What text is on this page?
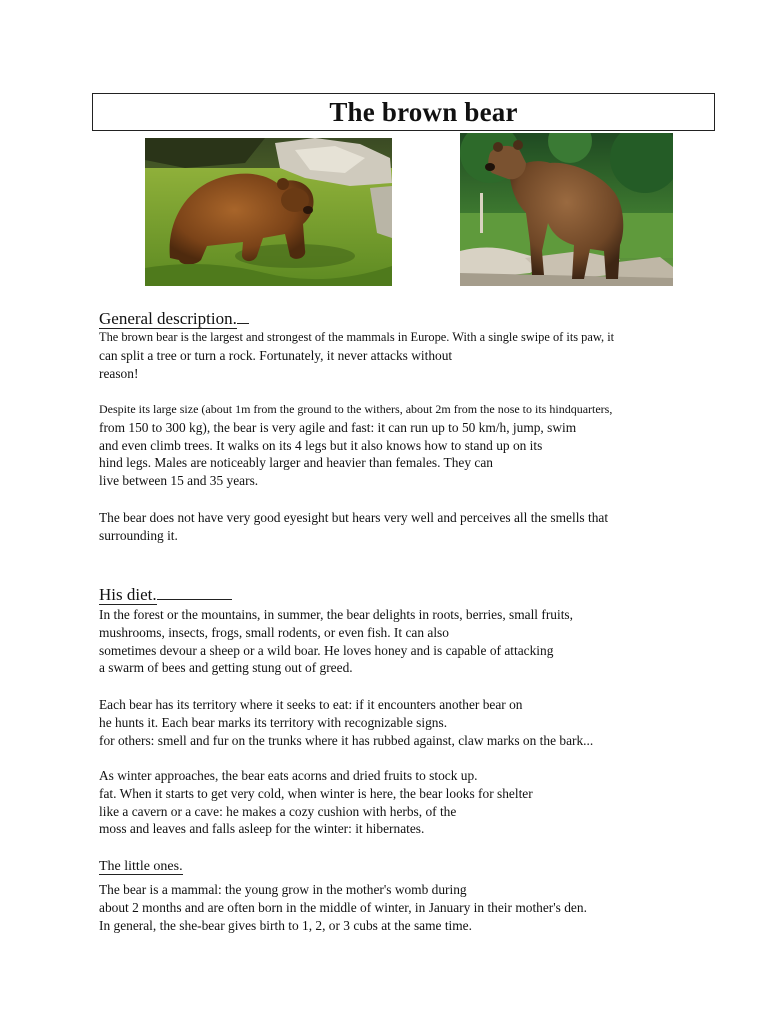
The brown bear

General description.

The brown bear is the largest and strongest of the mammals in Europe. With a single swipe of its paw, it
can split a tree or turn a rock. Fortunately, it never attacks without
reason!

Despite its large size (about 1m from the ground to the withers, about 2m from the nose to its hindquarters,
from 150 to 300 kg), the bear is very agile and fast: it can run up to 50 km/h, jump, swim
and even climb trees. It walks on its 4 legs but it also knows how to stand up on its
hind legs. Males are noticeably larger and heavier than females. They can
live between 15 and 35 years.

The bear does not have very good eyesight but hears very well and perceives all the smells that
surrounding it.

His diet.

In the forest or the mountains, in summer, the bear delights in roots, berries, small fruits,
mushrooms, insects, frogs, small rodents, or even fish. It can also
sometimes devour a sheep or a wild boar. He loves honey and is capable of attacking
a swarm of bees and getting stung out of greed.

Each bear has its territory where it seeks to eat: if it encounters another bear on
he hunts it. Each bear marks its territory with recognizable signs.
for others: smell and fur on the trunks where it has rubbed against, claw marks on the bark...

As winter approaches, the bear eats acorns and dried fruits to stock up.
fat. When it starts to get very cold, when winter is here, the bear looks for shelter
like a cavern or a cave: he makes a cozy cushion with herbs, of the
moss and leaves and falls asleep for the winter: it hibernates.

The little ones.

The bear is a mammal: the young grow in the mother's womb during
about 2 months and are often born in the middle of winter, in January in their mother's den.
In general, the she-bear gives birth to 1, 2, or 3 cubs at the same time.
